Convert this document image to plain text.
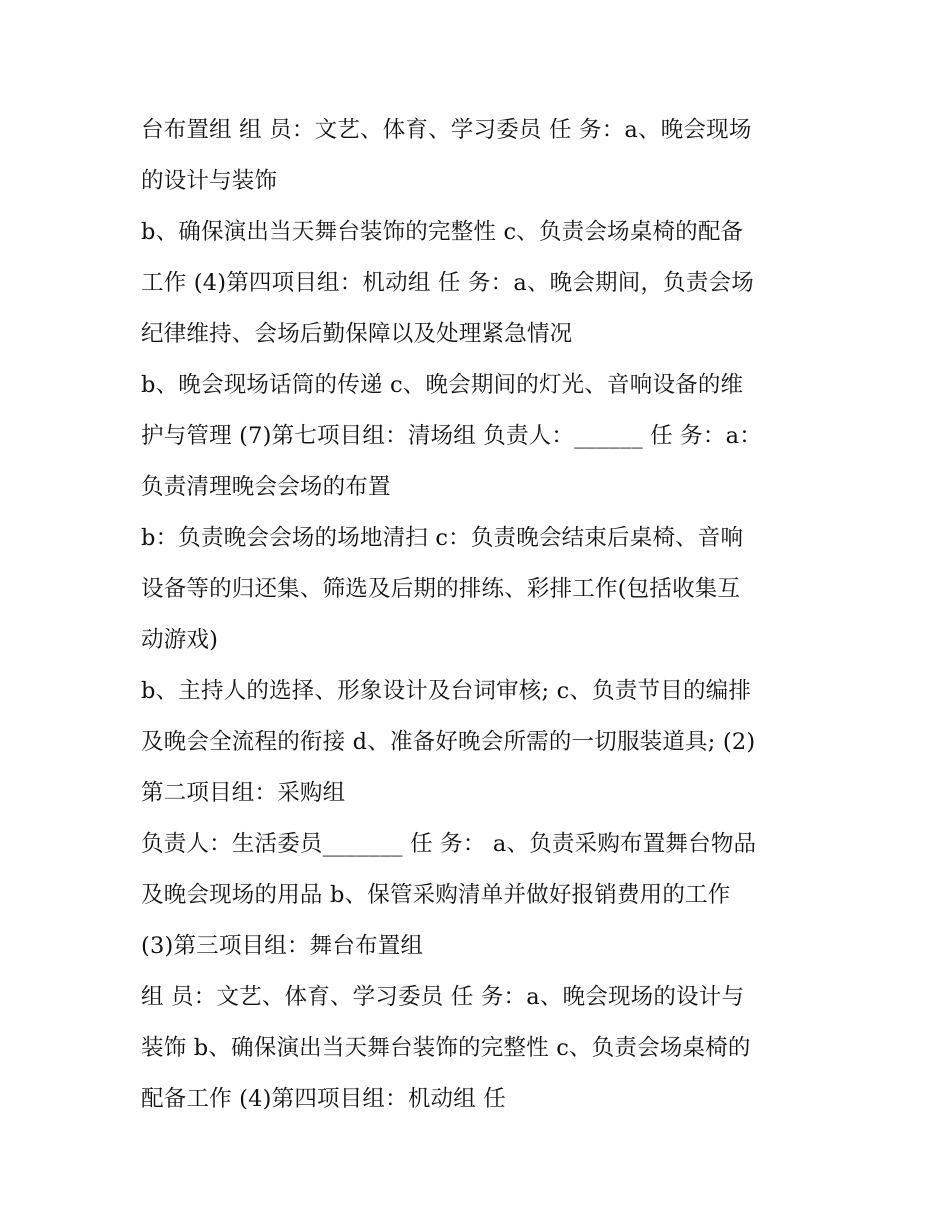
台布置组 组 员：文艺、体育、学习委员 任 务：a、晚会现场
的设计与装饰
b、确保演出当天舞台装饰的完整性 c、负责会场桌椅的配备
工作 (4)第四项目组：机动组 任 务：a、晚会期间，负责会场
纪律维持、会场后勤保障以及处理紧急情况
b、晚会现场话筒的传递 c、晚会期间的灯光、音响设备的维
护与管理 (7)第七项目组：清场组 负责人：______ 任 务：a：
负责清理晚会会场的布置
b：负责晚会会场的场地清扫 c：负责晚会结束后桌椅、音响
设备等的归还集、筛选及后期的排练、彩排工作(包括收集互
动游戏)
b、主持人的选择、形象设计及台词审核; c、负责节目的编排
及晚会全流程的衔接 d、准备好晚会所需的一切服装道具; (2)
第二项目组：采购组
负责人：生活委员_______ 任 务： a、负责采购布置舞台物品
及晚会现场的用品 b、保管采购清单并做好报销费用的工作
(3)第三项目组：舞台布置组
组 员：文艺、体育、学习委员 任 务：a、晚会现场的设计与
装饰 b、确保演出当天舞台装饰的完整性 c、负责会场桌椅的
配备工作 (4)第四项目组：机动组 任
